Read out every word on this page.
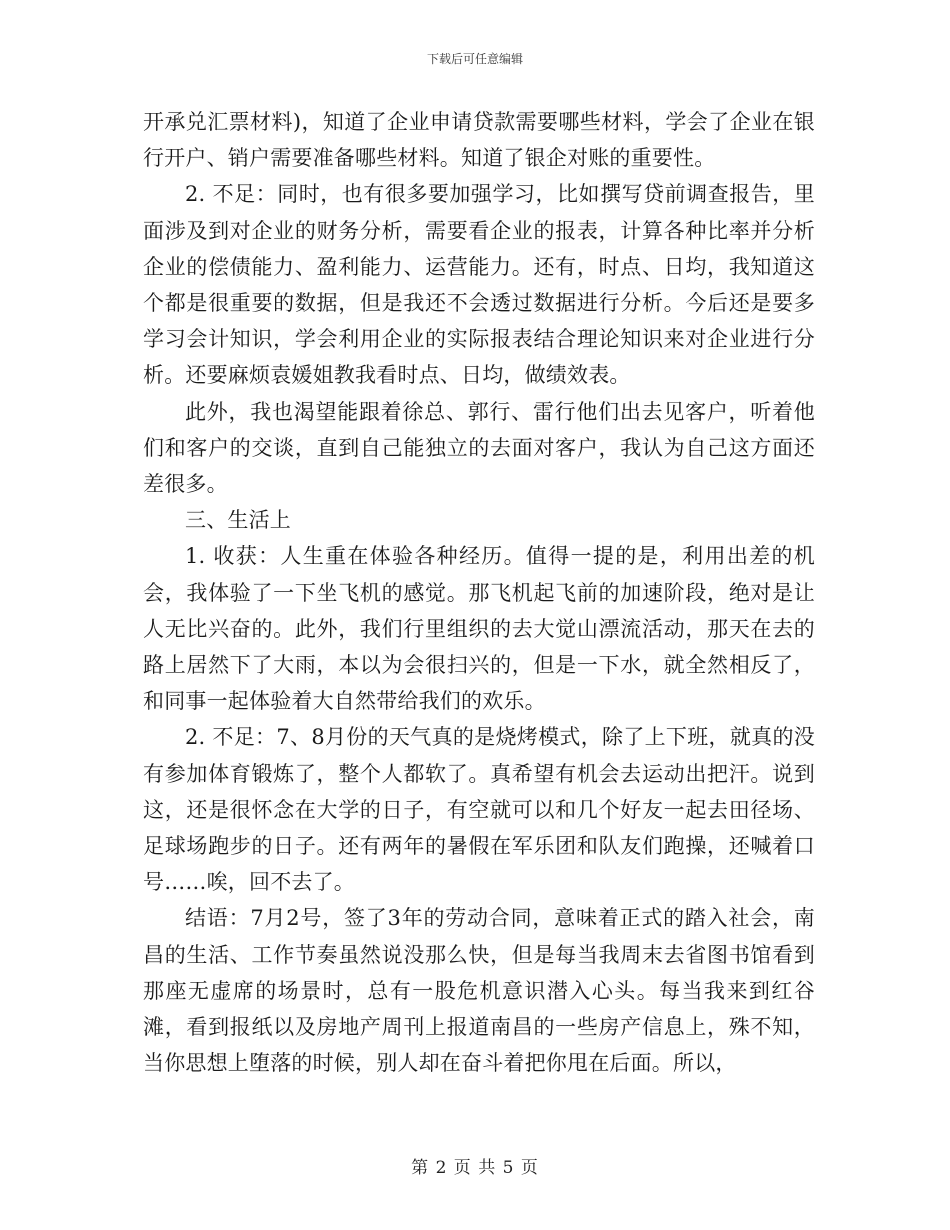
下载后可任意编辑

开承兑汇票材料)，知道了企业申请贷款需要哪些材料，学会了企业在银行开户、销户需要准备哪些材料。知道了银企对账的重要性。

2. 不足：同时，也有很多要加强学习，比如撰写贷前调查报告，里面涉及到对企业的财务分析，需要看企业的报表，计算各种比率并分析企业的偿债能力、盈利能力、运营能力。还有，时点、日均，我知道这个都是很重要的数据，但是我还不会透过数据进行分析。今后还是要多学习会计知识，学会利用企业的实际报表结合理论知识来对企业进行分析。还要麻烦袁媛姐教我看时点、日均，做绩效表。

此外，我也渴望能跟着徐总、郭行、雷行他们出去见客户，听着他们和客户的交谈，直到自己能独立的去面对客户，我认为自己这方面还差很多。

三、生活上

1. 收获：人生重在体验各种经历。值得一提的是，利用出差的机会，我体验了一下坐飞机的感觉。那飞机起飞前的加速阶段，绝对是让人无比兴奋的。此外，我们行里组织的去大觉山漂流活动，那天在去的路上居然下了大雨，本以为会很扫兴的，但是一下水，就全然相反了，和同事一起体验着大自然带给我们的欢乐。

2. 不足：7、8月份的天气真的是烧烤模式，除了上下班，就真的没有参加体育锻炼了，整个人都软了。真希望有机会去运动出把汗。说到这，还是很怀念在大学的日子，有空就可以和几个好友一起去田径场、足球场跑步的日子。还有两年的暑假在军乐团和队友们跑操，还喊着口号……唉，回不去了。

结语：7月2号，签了3年的劳动合同，意味着正式的踏入社会，南昌的生活、工作节奏虽然说没那么快，但是每当我周末去省图书馆看到那座无虚席的场景时，总有一股危机意识潜入心头。每当我来到红谷滩，看到报纸以及房地产周刊上报道南昌的一些房产信息上，殊不知，当你思想上堕落的时候，别人却在奋斗着把你甩在后面。所以，

第 2 页 共 5 页
